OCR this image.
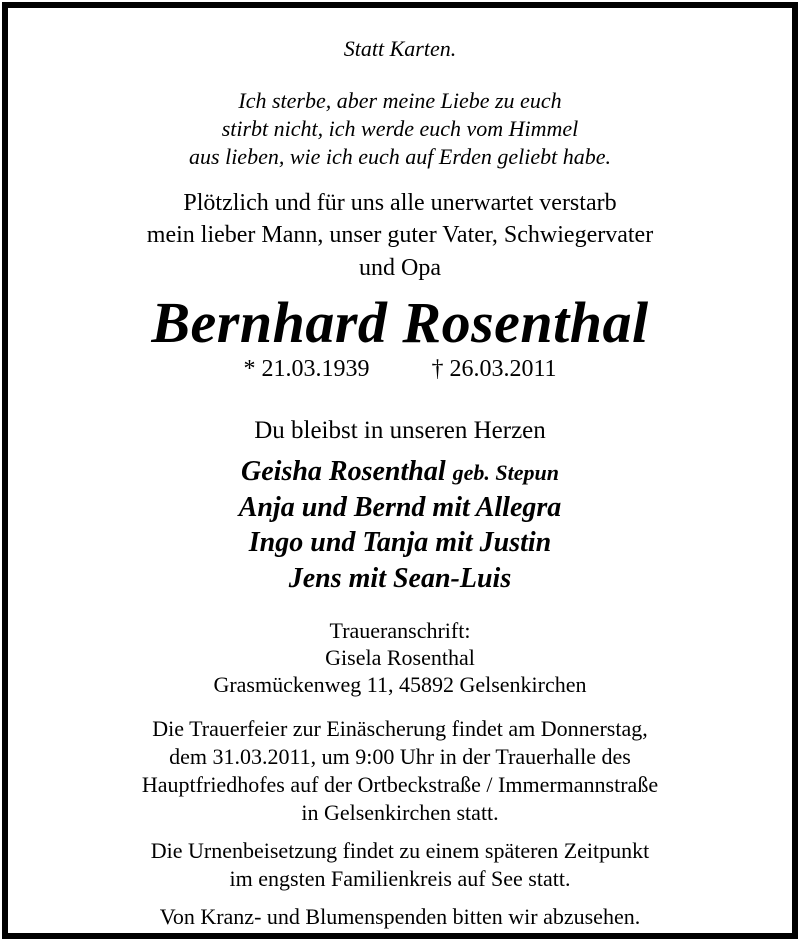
Statt Karten.
Ich sterbe, aber meine Liebe zu euch
stirbt nicht, ich werde euch vom Himmel
aus lieben, wie ich euch auf Erden geliebt habe.
Plötzlich und für uns alle unerwartet verstarb
mein lieber Mann, unser guter Vater, Schwiegervater
und Opa
Bernhard Rosenthal
* 21.03.1939	† 26.03.2011
Du bleibst in unseren Herzen
Geisha Rosenthal geb. Stepun
Anja und Bernd mit Allegra
Ingo und Tanja mit Justin
Jens mit Sean-Luis
Traueranschrift:
Gisela Rosenthal
Grasmückenweg 11, 45892 Gelsenkirchen
Die Trauerfeier zur Einäscherung findet am Donnerstag,
dem 31.03.2011, um 9:00 Uhr in der Trauerhalle des
Hauptfriedhofes auf der Ortbeckstraße / Immermannstraße
in Gelsenkirchen statt.
Die Urnenbeisetzung findet zu einem späteren Zeitpunkt
im engsten Familienkreis auf See statt.
Von Kranz- und Blumenspenden bitten wir abzusehen.
